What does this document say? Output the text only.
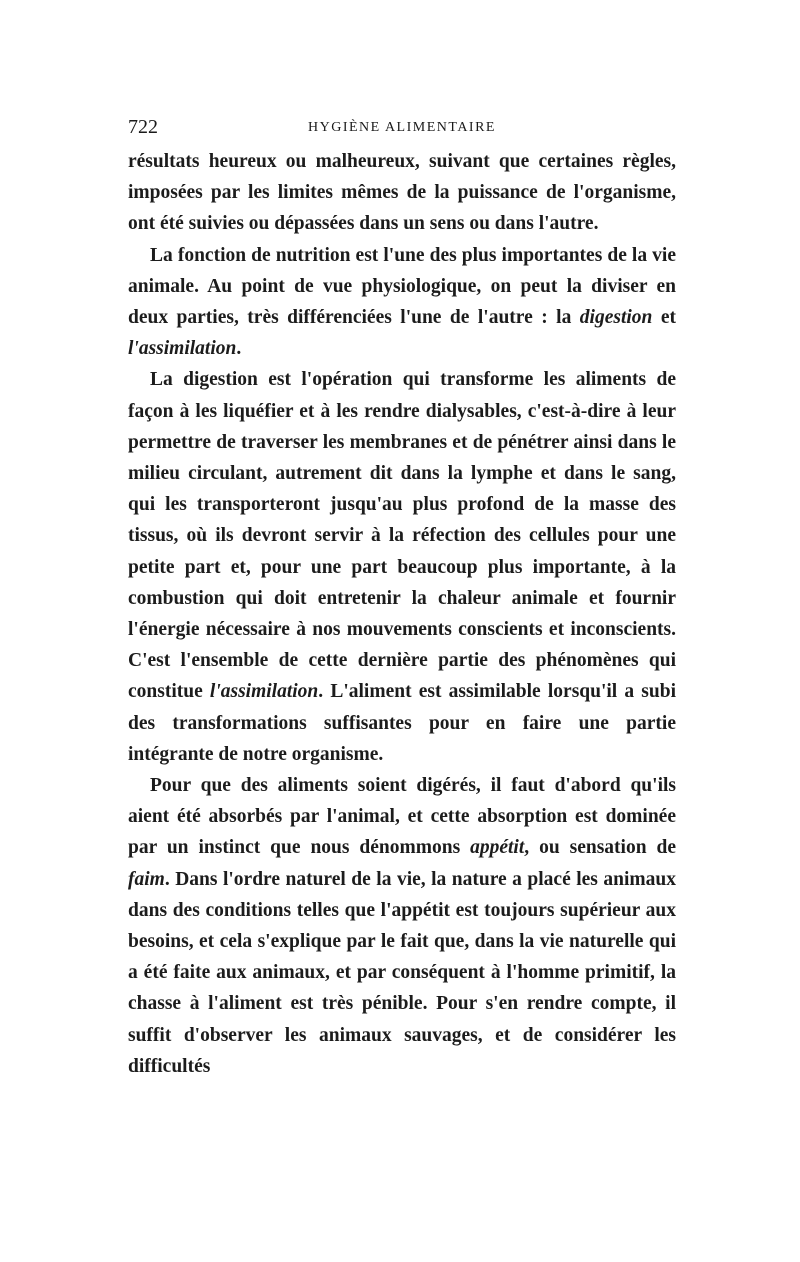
722	HYGIÈNE ALIMENTAIRE

résultats heureux ou malheureux, suivant que certaines règles, imposées par les limites mêmes de la puissance de l'organisme, ont été suivies ou dépassées dans un sens ou dans l'autre.

La fonction de nutrition est l'une des plus importantes de la vie animale. Au point de vue physiologique, on peut la diviser en deux parties, très différenciées l'une de l'autre : la digestion et l'assimilation.

La digestion est l'opération qui transforme les aliments de façon à les liquéfier et à les rendre dialysables, c'est-à-dire à leur permettre de traverser les membranes et de pénétrer ainsi dans le milieu circulant, autrement dit dans la lymphe et dans le sang, qui les transporteront jusqu'au plus profond de la masse des tissus, où ils devront servir à la réfection des cellules pour une petite part et, pour une part beaucoup plus importante, à la combustion qui doit entretenir la chaleur animale et fournir l'énergie nécessaire à nos mouvements conscients et inconscients. C'est l'ensemble de cette dernière partie des phénomènes qui constitue l'assimilation. L'aliment est assimilable lorsqu'il a subi des transformations suffisantes pour en faire une partie intégrante de notre organisme.

Pour que des aliments soient digérés, il faut d'abord qu'ils aient été absorbés par l'animal, et cette absorption est dominée par un instinct que nous dénommons appétit, ou sensation de faim. Dans l'ordre naturel de la vie, la nature a placé les animaux dans des conditions telles que l'appétit est toujours supérieur aux besoins, et cela s'explique par le fait que, dans la vie naturelle qui a été faite aux animaux, et par conséquent à l'homme primitif, la chasse à l'aliment est très pénible. Pour s'en rendre compte, il suffit d'observer les animaux sauvages, et de considérer les difficultés
